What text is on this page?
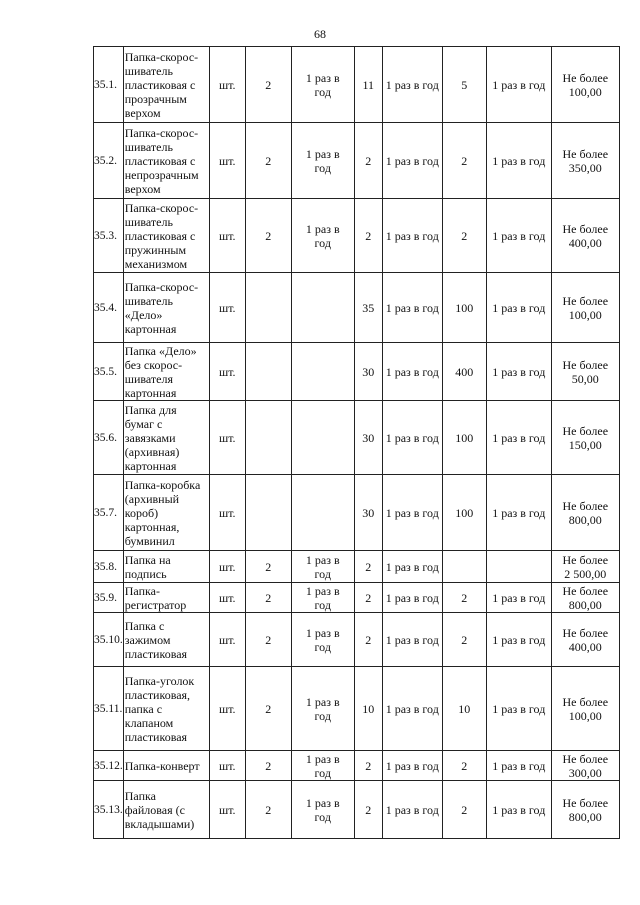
68
35.1.	Папка-скорос-
шиватель
пластиковая с
прозрачным
верхом	шт.	2	1 раз в
год	11	1 раз в год	5	1 раз в год	Не более
100,00
35.2.	Папка-скорос-
шиватель
пластиковая с
непрозрачным
верхом	шт.	2	1 раз в
год	2	1 раз в год	2	1 раз в год	Не более
350,00
35.3.	Папка-скорос-
шиватель
пластиковая с
пружинным
механизмом	шт.	2	1 раз в
год	2	1 раз в год	2	1 раз в год	Не более
400,00
35.4.	Папка-скорос-
шиватель
«Дело»
картонная	шт.			35	1 раз в год	100	1 раз в год	Не более
100,00
35.5.	Папка «Дело»
без скорос-
шивателя
картонная	шт.			30	1 раз в год	400	1 раз в год	Не более
50,00
35.6.	Папка для
бумаг с
завязками
(архивная)
картонная	шт.			30	1 раз в год	100	1 раз в год	Не более
150,00
35.7.	Папка-коробка
(архивный
короб)
картонная,
бумвинил	шт.			30	1 раз в год	100	1 раз в год	Не более
800,00
35.8.	Папка на
подпись	шт.	2	1 раз в
год	2	1 раз в год			Не более
2 500,00
35.9.	Папка-
регистратор	шт.	2	1 раз в
год	2	1 раз в год	2	1 раз в год	Не более
800,00
35.10.	Папка с
зажимом
пластиковая	шт.	2	1 раз в
год	2	1 раз в год	2	1 раз в год	Не более
400,00
35.11.	Папка-уголок
пластиковая,
папка с
клапаном
пластиковая	шт.	2	1 раз в
год	10	1 раз в год	10	1 раз в год	Не более
100,00
35.12.	Папка-конверт	шт.	2	1 раз в
год	2	1 раз в год	2	1 раз в год	Не более
300,00
35.13.	Папка
файловая (с
вкладышами)	шт.	2	1 раз в
год	2	1 раз в год	2	1 раз в год	Не более
800,00
